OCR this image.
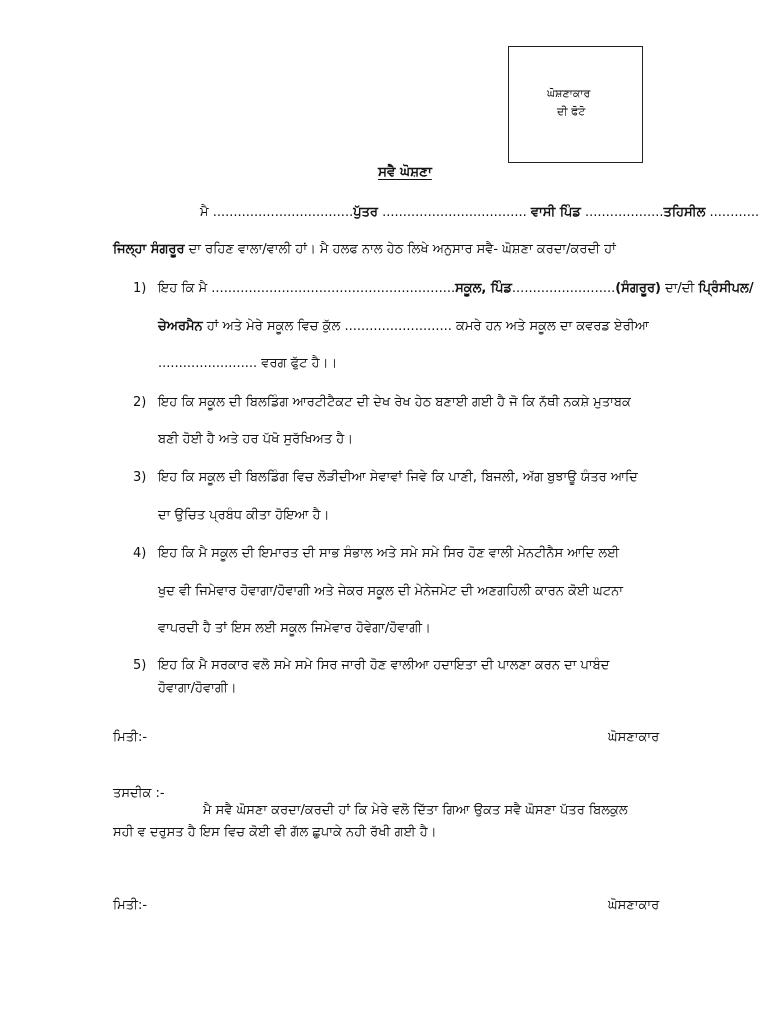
ਘੋਸ਼ਣਾਕਾਰ
ਦੀ ਫੋਟੋ
ਸਵੈ ਘੋਸ਼ਣਾ
ਮੈ ..................................ਪੁੱਤਰ ................................... ਵਾਸੀ ਪਿੰਡ ...................ਤਹਿਸੀਲ ............
ਜਿਲ੍ਹਾ ਸੰਗਰੂਰ ਦਾ ਰਹਿਣ ਵਾਲਾ/ਵਾਲੀ ਹਾਂ। ਮੈ ਹਲਫ ਨਾਲ ਹੇਠ ਲਿਖੇ ਅਨੁਸਾਰ ਸਵੈ- ਘੋਸ਼ਣਾ ਕਰਦਾ/ਕਰਦੀ ਹਾਂ
1) ਇਹ ਕਿ ਮੈ ...........................................................ਸਕੂਲ, ਪਿੰਡ.........................(ਸੰਗਰੂਰ) ਦਾ/ਦੀ ਪ੍ਰਿੰਸੀਪਲ/
ਚੇਅਰਮੈਨ ਹਾਂ ਅਤੇ ਮੇਰੇ ਸਕੂਲ ਵਿਚ ਕੁੱਲ .......................... ਕਮਰੇ ਹਨ ਅਤੇ ਸਕੂਲ ਦਾ ਕਵਰਡ ਏਰੀਆ
........................ ਵਰਗ ਫੁੱਟ ਹੈ।।
2) ਇਹ ਕਿ ਸਕੂਲ ਦੀ ਬਿਲਡਿੰਗ ਆਰਟੀਟੈਕਟ ਦੀ ਦੇਖ ਰੇਖ ਹੇਠ ਬਣਾਈ ਗਈ ਹੈ ਜੋ ਕਿ ਨੱਥੀ ਨਕਸ਼ੇ ਮੁਤਾਬਕ
ਬਣੀ ਹੋਈ ਹੈ ਅਤੇ ਹਰ ਪੱਖੋ ਸੁਰੱਖਿਅਤ ਹੈ।
3) ਇਹ ਕਿ ਸਕੂਲ ਦੀ ਬਿਲਡਿੰਗ ਵਿਚ ਲੋੜੀਦੀਆ ਸੇਵਾਵਾਂ ਜਿਵੇ ਕਿ ਪਾਣੀ, ਬਿਜਲੀ, ਅੱਗ ਬੁਝਾਊ ਯੰਤਰ ਆਦਿ
ਦਾ ਉਚਿਤ ਪ੍ਰਬੰਧ ਕੀਤਾ ਹੋਇਆ ਹੈ।
4) ਇਹ ਕਿ ਮੈ ਸਕੂਲ ਦੀ ਇਮਾਰਤ ਦੀ ਸਾਭ ਸੰਭਾਲ ਅਤੇ ਸਮੇ ਸਮੇ ਸਿਰ ਹੋਣ ਵਾਲੀ ਮੇਨਟੀਨੈਸ ਆਦਿ ਲਈ
ਖੁਦ ਵੀ ਜਿਮੇਵਾਰ ਹੋਵਾਗਾ/ਹੋਵਾਗੀ ਅਤੇ ਜੇਕਰ ਸਕੂਲ ਦੀ ਮੇਨੇਜਮੇਟ ਦੀ ਅਣਗਹਿਲੀ ਕਾਰਨ ਕੋਈ ਘਟਨਾ
ਵਾਪਰਦੀ ਹੈ ਤਾਂ ਇਸ ਲਈ ਸਕੂਲ ਜਿਮੇਵਾਰ ਹੋਵੇਗਾ/ਹੋਵਾਗੀ।
5) ਇਹ ਕਿ ਮੈ ਸਰਕਾਰ ਵਲੋ ਸਮੇ ਸਮੇ ਸਿਰ ਜਾਰੀ ਹੋਣ ਵਾਲੀਆ ਹਦਾਇਤਾ ਦੀ ਪਾਲਣਾ ਕਰਨ ਦਾ ਪਾਬੰਦ
ਹੋਵਾਗਾ/ਹੋਵਾਗੀ।
ਮਿਤੀ:-	ਘੋਸਣਾਕਾਰ
ਤਸਦੀਕ :-
ਮੈ ਸਵੈ ਘੋਸਣਾ ਕਰਦਾ/ਕਰਦੀ ਹਾਂ ਕਿ ਮੇਰੇ ਵਲੋ ਦਿੱਤਾ ਗਿਆ ਉਕਤ ਸਵੈ ਘੋਸਣਾ ਪੱਤਰ ਬਿਲਕੁਲ
ਸਹੀ ਵ ਦਰੁਸਤ ਹੈ ਇਸ ਵਿਚ ਕੋਈ ਵੀ ਗੱਲ ਛੁਪਾਕੇ ਨਹੀ ਰੱਖੀ ਗਈ ਹੈ।
ਮਿਤੀ:-	ਘੋਸਣਾਕਾਰ
